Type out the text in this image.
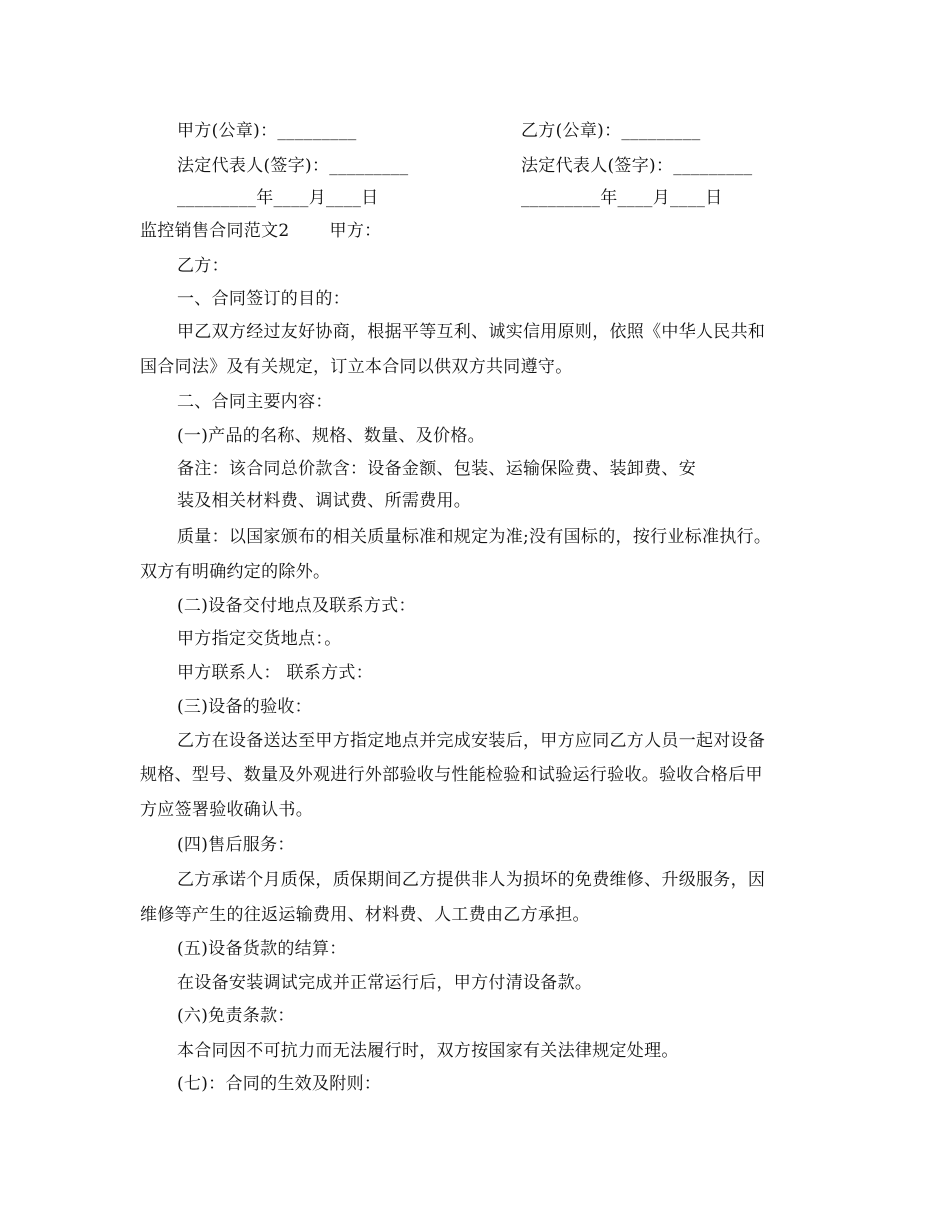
甲方(公章)：_________	乙方(公章)：_________
法定代表人(签字)：_________	法定代表人(签字)：_________
_________年____月____日	_________年____月____日
监控销售合同范文2 甲方：
乙方：
一、合同签订的目的：
甲乙双方经过友好协商，根据平等互利、诚实信用原则，依照《中华人民共和
国合同法》及有关规定，订立本合同以供双方共同遵守。
二、合同主要内容：
(一)产品的名称、规格、数量、及价格。
备注：该合同总价款含：设备金额、包装、运输保险费、装卸费、安
装及相关材料费、调试费、所需费用。
质量：以国家颁布的相关质量标准和规定为准;没有国标的，按行业标准执行。
双方有明确约定的除外。
(二)设备交付地点及联系方式：
甲方指定交货地点：。
甲方联系人： 联系方式：
(三)设备的验收：
乙方在设备送达至甲方指定地点并完成安装后，甲方应同乙方人员一起对设备
规格、型号、数量及外观进行外部验收与性能检验和试验运行验收。验收合格后甲
方应签署验收确认书。
(四)售后服务：
乙方承诺个月质保，质保期间乙方提供非人为损坏的免费维修、升级服务，因
维修等产生的往返运输费用、材料费、人工费由乙方承担。
(五)设备货款的结算：
在设备安装调试完成并正常运行后，甲方付清设备款。
(六)免责条款：
本合同因不可抗力而无法履行时，双方按国家有关法律规定处理。
(七)：合同的生效及附则：
